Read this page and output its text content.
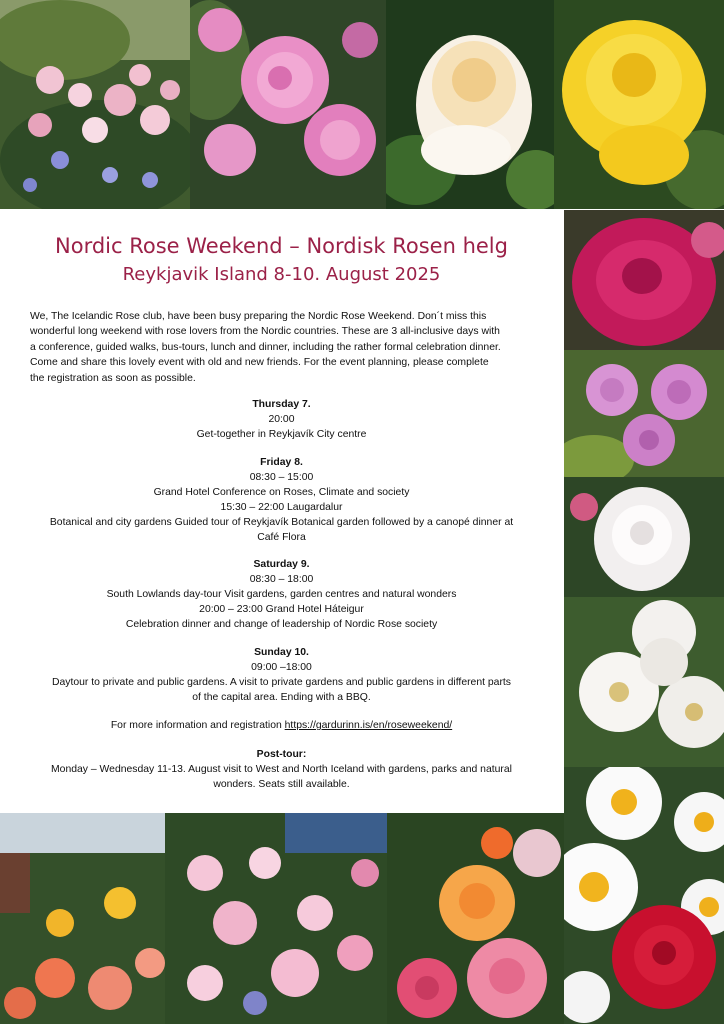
Nordic Rose Weekend – Nordisk Rosen helg
Reykjavik Island 8-10. August 2025
We, The Icelandic Rose club, have been busy preparing the Nordic Rose Weekend. Don´t miss this
wonderful long weekend with rose lovers from the Nordic countries. These are 3 all-inclusive days with
a conference, guided walks, bus-tours, lunch and dinner, including the rather formal celebration dinner.
Come and share this lovely event with old and new friends. For the event planning, please complete
the registration as soon as possible.
Thursday 7.
20:00
Get-together in Reykjavík City centre
Friday 8.
08:30 – 15:00
Grand Hotel Conference on Roses, Climate and society
15:30 – 22:00 Laugardalur
Botanical and city gardens Guided tour of Reykjavík Botanical garden followed by a canopé dinner at
Café Flora
Saturday 9.
08:30 – 18:00
South Lowlands day-tour Visit gardens, garden centres and natural wonders
20:00 – 23:00 Grand Hotel Háteigur
Celebration dinner and change of leadership of Nordic Rose society
Sunday 10.
09:00 –18:00
Daytour to private and public gardens. A visit to private gardens and public gardens in different parts
of the capital area. Ending with a BBQ.
For more information and registration https://gardurinn.is/en/roseweekend/
Post-tour:
Monday – Wednesday 11-13. August visit to West and North Iceland with gardens, parks and natural
wonders. Seats still available.
